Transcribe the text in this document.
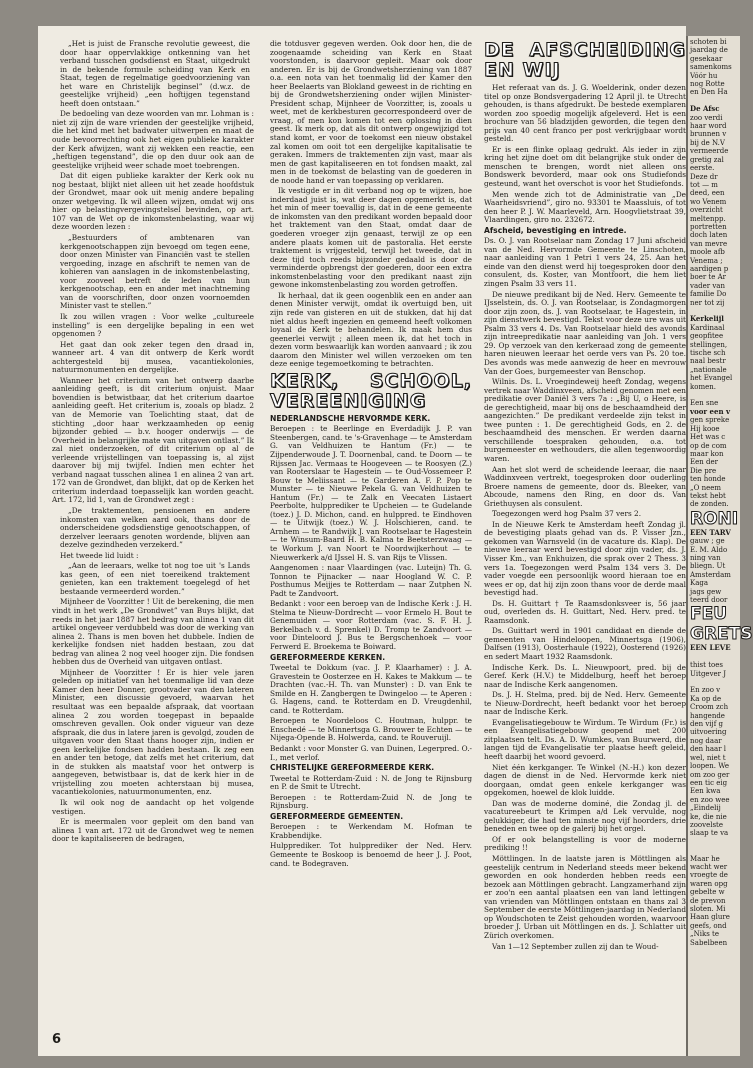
„Het is juist de Fransche revolutie geweest, die door haar oppervlakkige ontkenning van het verband tusschen godsdienst en Staat, uitgedrukt in de bekende formule scheiding van Kerk en Staat, tegen de regelmatige goedvoorziening van het ware en Christelijk beginsel” (d.w.z. de geestelijke vrijheid) „een hoftijgen tegenstand heeft doen ontstaan.”

De bedoeling van deze woorden van mr. Lohman is : niet zij zijn de ware vrienden der geestelijke vrijheid, die het kind met het badwater uitwerpen en maat de oude bevoorrechting ook het eigen publieke karakter der Kerk afwijzen, want zij wekken een reactie, een „heftigen tegenstand”, die op den duur ook aan de geestelijke vrijheid weer schade moet toebrengen.

Dat dit eigen publieke karakter der Kerk ook nu nog bestaat, blijkt niet alleen uit het zeade hoofdstuk der Grondwet, maar ook uit menig andere bepaling onzer wetgeving. Ik wil alleen wijzen, omdat wij ons hier op belastingvergevingstelsel bevinden, op art. 107 van de Wet op de inkomstenbelasting, waar wij deze woorden lezen :

„Bestuurders of ambtenaren van kerkgenootschappen zijn bevoegd om tegen eene, door onzen Minister van Financiën vast te stellen vergoeding, inzage en afschrift te nemen van de kohieren van aanslagen in de inkomstenbelasting, voor zooveel betreft de leden van hun kerkgenootschap, een en ander met inachtneming van de voorschriften, door onzen voornoemden Minister vast te stellen.”

Ik zou willen vragen : Voor welke „cultureele instelling” is een dergelijke bepaling in een wet opgenomen ?

Het gaat dan ook zeker tegen den draad in, wanneer art. 4 van dit ontwerp de Kerk wordt achtergesteld bij musea, vacantiekolonies, natuurmonumenten en dergelijke.

Wanneer het criterium van het ontwerp daarbe aanleiding geeft, is dit criterium onjuist. Maar bovendien is betwistbaar, dat het criterium daartoe aanleiding geeft. Het criterium is, zooals op bladz. 2 van de Memorie van Toelichting staat, dat de stichting „door haar werkzaamheden op eenig bijzonder gebied — b.v. hooger onderwijs — de Overheid in belangrijke mate van uitgaven ontlast.” Ik zal niet onderzoeken, of dit criterium op al de verleende vrijstellingen van toepassing is, al zijst daarover bij mij twijfel. Indien men echter het verband nagaat tusschen alinea 1 en alinea 2 van art. 172 van de Grondwet, dan blijkt, dat op de Kerken het criterium inderdaad toepasselijk kan worden geacht. Art. 172, lid 1, van de Grondwet zegt :

„De traktementen, pensioenen en andere inkomsten van welken aard ook, thans door de onderscheidene godsdienstige genootschappen, of derzelver leeraars genoten wordende, blijven aan dezelve gezindheden verzekerd.”

Het tweede lid luidt :

„Aan de leeraars, welke tot nog toe uit 's Lands kas geen, of een niet toereikend traktement genieten, kan een traktement toegelegd of het bestaande vermeerderd worden.”

Mijnheer de Voorzitter ! Uit de berekening, die men vindt in het werk „De Grondwet” van Buys blijkt, dat reeds in het jaar 1887 het bedrag van alinea 1 van dit artikel ongeveer verdubbeld was door de werking van alinea 2. Thans is men boven het dubbele. Indien de kerkelijke fondsen niet hadden bestaan, zou dat bedrag van alinea 2 nog veel hooger zijn. Die fondsen hebben dus de Overheid van uitgaven ontlast.

Mijnheer de Voorzitter ! Er is hier vele jaren geleden op initiatief van het toenmalige lid van deze Kamer den heer Donner, grootvader van den lateren Minister, een discussie gevoerd, waarvan het resultaat was een bepaalde afspraak, dat voortaan alinea 2 zou worden toegepast in bepaalde omschreven gevallen. Ook onder vigueur van deze afspraak, die dus in latere jaren is gevolgd, zouden de uitgaven voor den Staat thans hooger zijn, indien er geen kerkelijke fondsen hadden bestaan. Ik zeg een en ander ten betoge, dat zelfs met het criterium, dat in de stukken als maatstaf voor het ontwerp is aangegeven, betwistbaar is, dat de kerk hier in de vrijstelling zou moeten achterstaan bij musea, vacantiekolonies, natuurmonumenten, enz.

Ik wil ook nog de aandacht op het volgende vestigen.

Er is meermalen voor gepleit om den band van alinea 1 van art. 172 uit de Grondwet weg te nemen door te kapitaliseeren de bedragen,

die totdusver gegeven werden. Ook door hen, die de zoogenaamde scheiding van Kerk en Staat voorstonden, is daarvoor gepleit. Maar ook door anderen. Er is bij de Grondwetsherziening van 1887 o.a. een nota van het toenmalig lid der Kamer den heer Beelaerts van Blokland geweest in de richting en bij de Grondwetsherziening onder wijlen Minister-President schap, Mijnheer de Voorzitter, is, zooals u weet, met de kerkbesturen gecorrespondeerd over de vraag, of men kon komen tot een oplossing in dien geest. Ik merk op, dat als dit ontwerp ongewijzigd tot stand komt, er voor de toekomst een nieuw obstakel zal komen om ooit tot een dergelijke kapitalisatie te geraken. Immers de traktementen zijn vast, maar als men de gast kapitaliseeren en tot fondsen maakt, zal men in de toekomst de belasting van de goederen in de noode hand er van toepassing op verklaren.

Ik vestigde er in dit verband nog op te wijzen, hoe inderdaad juist is, wat deer dagen opgemerkt is, dat het min of meer toevallig is, dat in de eene gemeente de inkomsten van den predikant worden bepaald door het traktement van den Staat, omdat daar de goederen vroeger zijn genaast, terwijl ze op een andere plaats komen uit de pastoralia. Het eerste traktement is vrijgesteld, terwijl het tweede, dat in deze tijd toch reeds bijzonder gedaald is door de verminderde opbrengst der goederen, door een extra inkomstenbelasting voor den predikant naast zijn gewone inkomstenbelasting zou worden getroffen.

Ik herhaal, dat ik geen oogenblik een en ander aan denen Minister verwijt, omdat ik overtuigd ben, uit zijn rede van gisteren en uit de stukken, dat hij dat niet aldus heeft ingezien en gemeend heeft volkomen loyaal de Kerk te behandelen. Ik maak hem dus geenerlei verwijt ; alleen meen ik, dat het toch in dezen vorm beswaarlijk kan worden aanvaard ; ik zou daarom den Minister wel willen verzoeken om ten deze eenige tegemoetkoming te betrachten.

KERK, SCHOOL, VEREENIGING

NEDERLANDSCHE HERVORMDE KERK.

Beroepen : te Beerlinge en Everdadijk J. P. van Steenbergen, cand. te 's-Gravenhage — te Amsterdam G. van Veldhuizen te Hantum (Fr.) — te Zijpenderwoude J. T. Doornenbal, cand. te Doorn — te Rijssen Jac. Vermaas te Hoogeveen — te Roosyen (Z.) van Rooterslaar te Hagestein — te Oud-Vossemeer P. Bouw te Meliissant — te Garderen A. F. P. Pop te Munster — te Nieuwe Pekela G. van Veldhuizen te Hantum (Fr.) — te Zalk en Veecaten Listaert Peerbolte, hulpprediker te Upcheien — te Gudelande (toez.) J. D. Michon, cand. en hulppred. te Eindhoven — te Uitwijk (toez.) W. J. Holschieren, cand. te Arnhem — te Randwijk J. van Rootselaar te Hagestein — te Winsum-Baard H. B. Kalma te Beetsterzwaag — te Workum J. van Noort te Noordwijkerhout — te Nieuwerkerk a/d IJssel H. S. van Rijs te Vlissen.

Aangenomen : naar Vlaardingen (vac. Luteijn) Th. G. Tonnon te Pijnacker — naar Hoogland W. C. P. Posthumus Meijjes te Rotterdam — naar Zutphen N. Padt te Zandvoort.

Bedankt : voor een beroep van de Indische Kerk : J. H. Stelma te Nieuw-Dordrecht — voor Ermelo H. Bout te Genemuiden — voor Rotterdam (vac. S. F. H. J. Berkelbach v. d. Sprenkel) D. Tromp te Zandvoort — voor Dinteloord J. Bus te Bergschenhoek — voor Ferwerd E. Broekema te Boiward.

GEREFORMEERDE KERKEN.

Tweetal te Dokkum (vac. J. P. Klaarhamer) : J. A. Gravestein te Oosterzee en H. Kakes te Makkum — te Drachten (vac.-H. Th. van Munster) : D. van Enk te Smilde en H. Zangbergen te Dwingeloo — te Aperen : G. Hagens, cand. te Rotterdam en D. Vreugdenhil, cand. te Rotterdam.

Beroepen te Noordeloos C. Houtman, hulppr. te Enschedé — te Minnertsga G. Brouwer te Echten — te Nijega-Opende B. Holwerda, cand. te Rouveruijl.

Bedankt : voor Monster G. van Duinen, Legerpred. O.-I., met verlof.

CHRISTELIJKE GEREFORMEERDE KERK.

Tweetal te Rotterdam-Zuid : N. de Jong te Rijnsburg en P. de Smit te Utrecht.

Beroepen : te Rotterdam-Zuid N. de Jong te Rijnsburg.

GEREFORMEERDE GEMEENTEN.

Beroepen : te Werkendam M. Hofman te Krabbendijke.

Hulpprediker. Tot hulpprediker der Ned. Herv. Gemeente te Boskoop is benoemd de heer J. J. Poot, cand. te Bodegraven.

DE AFSCHEIDING EN WIJ

Het referaat van ds. J. G. Woelderink, onder dezen titel op onze Bondsvergadering 12 April jl. te Utrecht gehouden, is thans afgedrukt. De bestede exemplaren worden zoo spoedig mogelijk afgeleverd. Het is een brochure van 56 bladzijden geworden, die tegen den prijs van 40 cent franco per post verkrijgbaar wordt gesteld.

Er is een flinke oplaag gedrukt. Als ieder in zijn kring het zijne doet om dit belangrijke stuk onder de menschen te brengen, wordt niet alleen ons Bondswerk bevorderd, maar ook ons Studiefonds gesteund, want het overschot is voor het Studiefonds.

Men wende zich tot de Administratie van „De Waarheidsvriend”, giro no. 93301 te Maassluis, of tot den heer P. J. W. Maarleveld, Arn. Hoogvlietstraat 39, Vlaardingen, giro no. 232672.

Afscheid, bevestiging en intrede.

Ds. O. J. van Rootselaar nam Zondag 17 Juni afscheid van de Ned. Hervormde Gemeente te Linschoten, naar aanleiding van 1 Petri 1 vers 24, 25. Aan het einde van den dienst werd hij toegesproken door den consulent, ds. Koster, van Montfoort, die hem liet zingen Psalm 33 vers 11.

De nieuwe predikant bij de Ned. Herv. Gemeente te IJsselstein, ds. O. J. van Rootselaar, is Zondagmorgen door zijn zoon, ds. J. van Rootselaar, te Hagestein, in zijn dienstwerk bevestigd. Tekst voor deze ure was uit Psalm 33 vers 4. Ds. Van Rootselaar hield des avonds zijn intreepredikatie naar aanleiding van Joh. 1 vers 29. Op verzoek van den kerkeraad zong de gemeente haren nieuwen leeraar het oerde vers van Ps. 20 toe. Des avonds was mede aanwezig de heer en mevrouw Van der Goes, burgemeester van Benschop.

Wilnis. Ds. L. Vroegindeweij heeft Zondag, wegens vertrek naar Waddinxveen, afscheid genomen met een predikatie over Daniël 3 vers 7a : „Bij U, o Heere, is de gerechtigheid, maar bij ons de beschaamdheid der aangezichten.” De predikant verdeelde zijn tekst in twee punten : 1. De gerechtigheid Gods, en 2. de beschaamdheid des menschen. Er werden daarna verschillende toespraken gehouden, o.a. tot burgemeester en wethouders, die allen tegenwoordig waren.

Aan het slot werd de scheidende leeraar, die naar Waddinxveen vertrekt, toegesproken door ouderling Broere namens de gemeente, door ds. Bleeker, van Abcoude, namens den Ring, en door ds. Van Griethuysen als consulent.

Toegezongen werd hog Psalm 37 vers 2.

In de Nieuwe Kerk te Amsterdam heeft Zondag jl. de bevestiging plaats gehad van ds. P. Visser Jzn., gekomen van Warnsveld (in de vacature ds. Klap). De nieuwe leeraar werd bevestigd door zijn vader, ds. J. Visser Km., van Enkhuizen, die sprak over 2 Thess. 3 vers 1a. Toegezongen werd Psalm 134 vers 3. De vader voegde een persoonlijk woord hieraan toe en wees er op, dat hij zijn zoon thans voor de derde maal bevestigd had.

Ds. H. Guittart † Te Raamsdonksveer is, 56 jaar oud, overleden ds. H. Guittart, Ned. Herv. pred. te Raamsdonk.

Ds. Guittart werd in 1901 candidaat en diende de gemeenten van Hindeloopen, Minnertsga (1906), Dalfsen (1913), Oosterhaule (1922), Oosterend (1926) en sedert Maart 1932 Raamsdonk.

Indische Kerk. Ds. L. Nieuwpoort, pred. bij de Geref. Kerk (H.V.) te Middelburg, heeft het beroep naar de Indische Kerk aangenomen.

Ds. J. H. Stelma, pred. bij de Ned. Herv. Gemeente te Nieuw-Dordrecht, heeft bedankt voor het beroep naar de Indische Kerk.

Evangelisatiegebouw te Wirdum. Te Wirdum (Fr.) is een Evangelisatiegebouw geopend met 200 zitplaatsen telt. Ds. A. D. Wumkes, van Buurwerd, die langen tijd de Evangelisatie ter plaatse heeft geleid, heeft daarbij het woord gevoerd.

Niet één kerkganger. Te Winkel (N.-H.) kon dezer dagen de dienst in de Ned. Hervormde kerk niet doorgaan, omdat geen enkele kerkganger was opgekomen, hoewel de klok luidde.

Dan was de moderne dominé, die Zondag jl. de vacatureebeurt te Krimpen a/d Lek vervulde, nog gelukkiger, die had ten minste nog vijf hoorders, drie beneden en twee op de galerij bij het orgel.

Of er ook belangstelling is voor de moderne prediking !!

Möttlingen. In de laatste jaren is Möttlingen als geestelijk centrum in Nederland steeds meer bekend geworden en ook honderden hebben reeds een bezoek aan Möttlingen gebracht. Langzamerhand zijn er zoo'n een aantal plaatsen een van land lettingen van vrienden van Möttlingen ontstaan en thans zal 3 September de eerste Möttlingen-jaardag in Nederland op Woudschoten te Zeist gehouden worden, waarvoor broeder J. Urban uit Möttlingen en ds. J. Schlatter uit Zürich overkomen.

Van 1—12 September zullen zij dan te Woud-

6
schoten bi
jaardag de
gesekaar
samenkoms
Vóór hu
nog Rotte
en Den Ha

De Afsc
zoo verdi
haar word
brunnen v
bij de N.V
vermeerde
gretig zal
eerste.
Deze dr
tot — m
deed, een
wo Venem
overzicht
meltenpp.
portretten
doch laten
van mevre
moole afb
Venema ;
aardigen p
boer te Ar
vader van
familie Do
ner tot zij

Kerkelijl
Kardinaal
geopfitee
stellingen,
tische sch
naal bestr
„nationale
het Evangel
komen.

Een sne
voor een v
gen spreke
Hij kooe
Het was c
op de com
maar kon
Een der
Die pre
ten honde
„O neem
tekst hebt
de zonden.
RONI
EEN TARV
gauw ; ge
E. M. Aldo
ning van
bliegn. Ut
Amsterdam
Kaga
jags gew
teerd door
FEU
GRETS
EEN LEVE

thist toes
Uitgever J

En zoo v
Ka op de
Croom zch
hangende
den vijf g
uitvoering
nog daar
den haar l
wel, niet t
loopen. We
om zoo ger
een tic eig
Een kwa
en zoo wee
„Eindelij
ke, die nie
zoovelste
slaap te va

Maar he
wacht wer
vroegte de
waren opg
gebelte w
de prevon
sloten. Mi
Haan glure
geefs, ond
„Niks te
Sabelbeen
